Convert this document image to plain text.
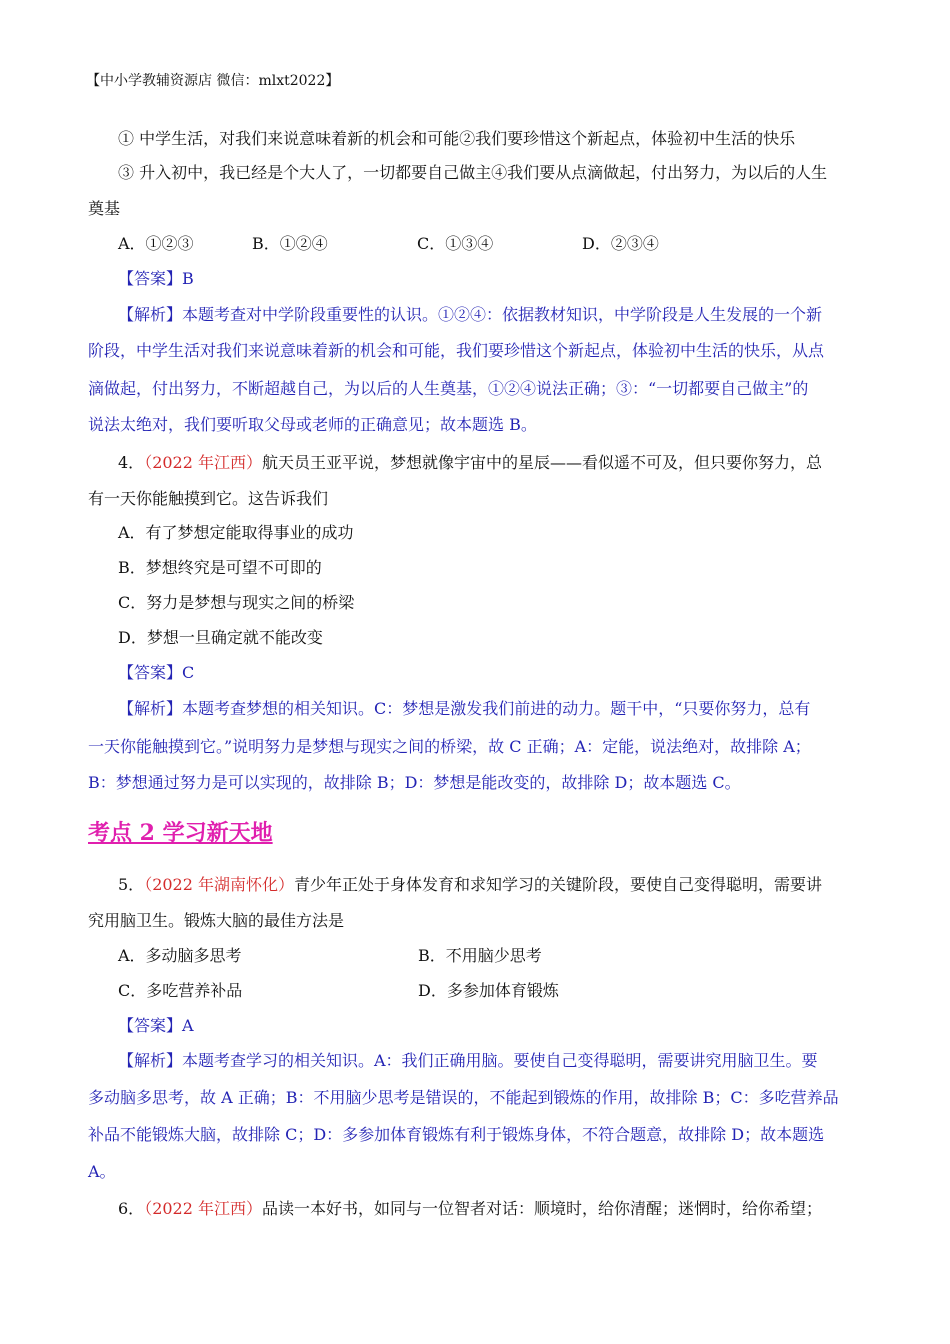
【中小学教辅资源店 微信：mlxt2022】
① 中学生活，对我们来说意味着新的机会和可能②我们要珍惜这个新起点，体验初中生活的快乐
③ 升入初中，我已经是个大人了，一切都要自己做主④我们要从点滴做起，付出努力，为以后的人生
奠基
A．①②③	B．①②④	C．①③④	D．②③④
【答案】B
【解析】本题考查对中学阶段重要性的认识。①②④：依据教材知识，中学阶段是人生发展的一个新
阶段，中学生活对我们来说意味着新的机会和可能，我们要珍惜这个新起点，体验初中生活的快乐，从点
滴做起，付出努力，不断超越自己，为以后的人生奠基，①②④说法正确；③：“一切都要自己做主”的
说法太绝对，我们要听取父母或老师的正确意见；故本题选 B。
4．（2022 年江西）航天员王亚平说，梦想就像宇宙中的星辰——看似遥不可及，但只要你努力，总
有一天你能触摸到它。这告诉我们
A．有了梦想定能取得事业的成功
B．梦想终究是可望不可即的
C．努力是梦想与现实之间的桥梁
D．梦想一旦确定就不能改变
【答案】C
【解析】本题考查梦想的相关知识。C：梦想是激发我们前进的动力。题干中，“只要你努力，总有
一天你能触摸到它。”说明努力是梦想与现实之间的桥梁，故 C 正确；A：定能，说法绝对，故排除 A；
B：梦想通过努力是可以实现的，故排除 B；D：梦想是能改变的，故排除 D；故本题选 C。
考点 2 学习新天地
5．（2022 年湖南怀化）青少年正处于身体发育和求知学习的关键阶段，要使自己变得聪明，需要讲
究用脑卫生。锻炼大脑的最佳方法是
A．多动脑多思考	B．不用脑少思考
C．多吃营养补品	D．多参加体育锻炼
【答案】A
【解析】本题考查学习的相关知识。A：我们正确用脑。要使自己变得聪明，需要讲究用脑卫生。要
多动脑多思考，故 A 正确；B：不用脑少思考是错误的，不能起到锻炼的作用，故排除 B；C：多吃营养品
补品不能锻炼大脑，故排除 C；D：多参加体育锻炼有利于锻炼身体，不符合题意，故排除 D；故本题选
A。
6．（2022 年江西）品读一本好书，如同与一位智者对话：顺境时，给你清醒；迷惘时，给你希望；
